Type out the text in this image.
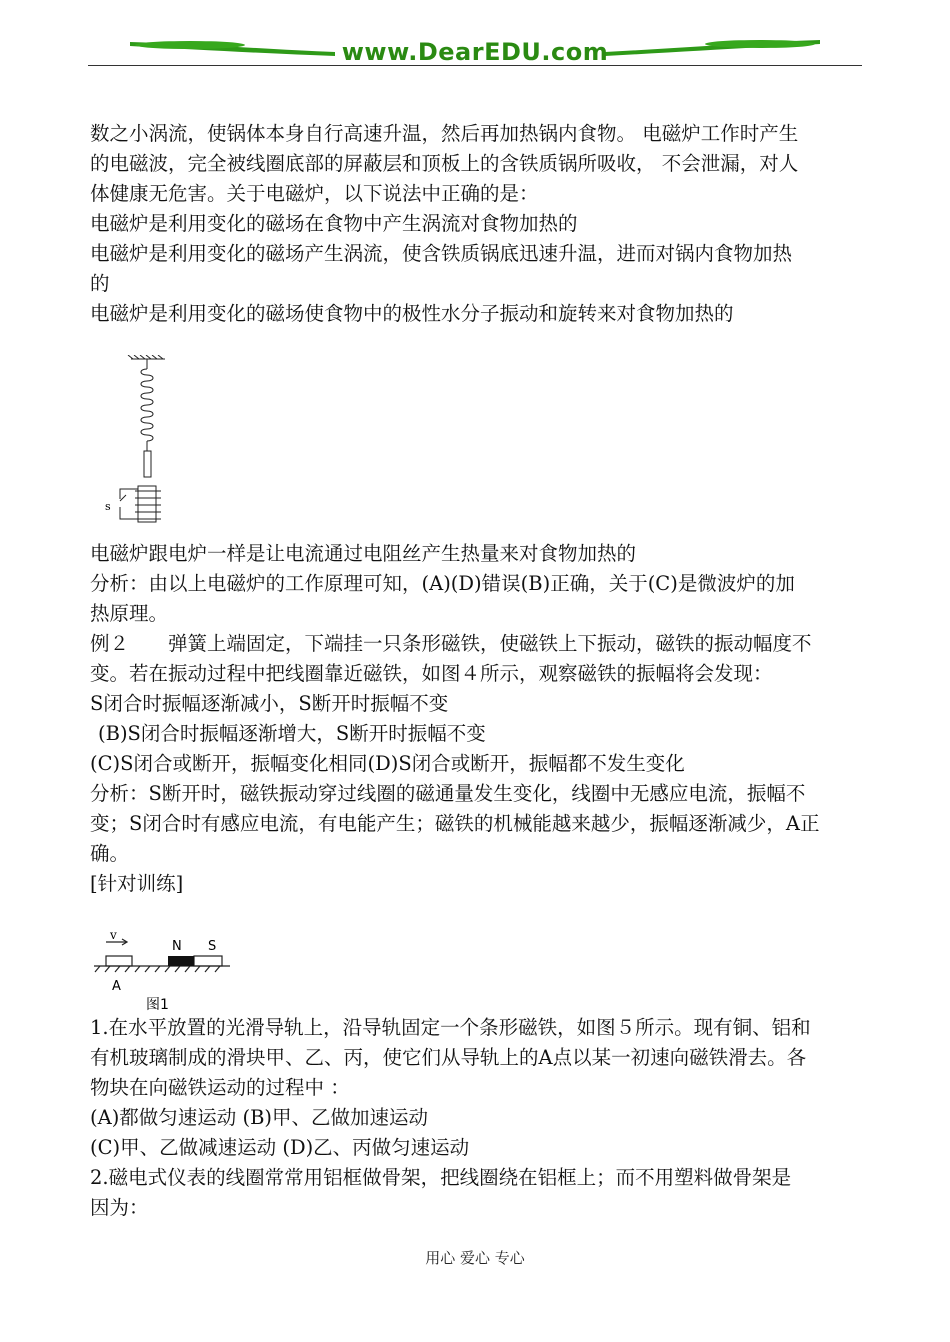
www.DearEDU.com
数之小涡流，使锅体本身自行高速升温，然后再加热锅内食物。 电磁炉工作时产生
的电磁波，完全被线圈底部的屏蔽层和顶板上的含铁质锅所吸收， 不会泄漏，对人
体健康无危害。关于电磁炉，以下说法中正确的是：
电磁炉是利用变化的磁场在食物中产生涡流对食物加热的
电磁炉是利用变化的磁场产生涡流，使含铁质锅底迅速升温，进而对锅内食物加热
的
电磁炉是利用变化的磁场使食物中的极性水分子振动和旋转来对食物加热的
s
电磁炉跟电炉一样是让电流通过电阻丝产生热量来对食物加热的
分析：由以上电磁炉的工作原理可知，(A)(D)错误(B)正确，关于(C)是微波炉的加
热原理。
例２　　弹簧上端固定，下端挂一只条形磁铁，使磁铁上下振动，磁铁的振动幅度不
变。若在振动过程中把线圈靠近磁铁，如图４所示，观察磁铁的振幅将会发现：
S闭合时振幅逐渐减小，S断开时振幅不变
(B)S闭合时振幅逐渐增大，S断开时振幅不变
(C)S闭合或断开，振幅变化相同(D)S闭合或断开，振幅都不发生变化
分析：S断开时，磁铁振动穿过线圈的磁通量发生变化，线圈中无感应电流，振幅不
变；S闭合时有感应电流，有电能产生；磁铁的机械能越来越少，振幅逐渐减少，A正
确。
[针对训练]
v
N S
A
图1
1.在水平放置的光滑导轨上，沿导轨固定一个条形磁铁，如图５所示。现有铜、铝和
有机玻璃制成的滑块甲、乙、丙，使它们从导轨上的A点以某一初速向磁铁滑去。各
物块在向磁铁运动的过程中 ：
(A)都做匀速运动 (B)甲、乙做加速运动
(C)甲、乙做减速运动 (D)乙、丙做匀速运动
2.磁电式仪表的线圈常常用铝框做骨架，把线圈绕在铝框上；而不用塑料做骨架是
因为：
用心 爱心 专心
